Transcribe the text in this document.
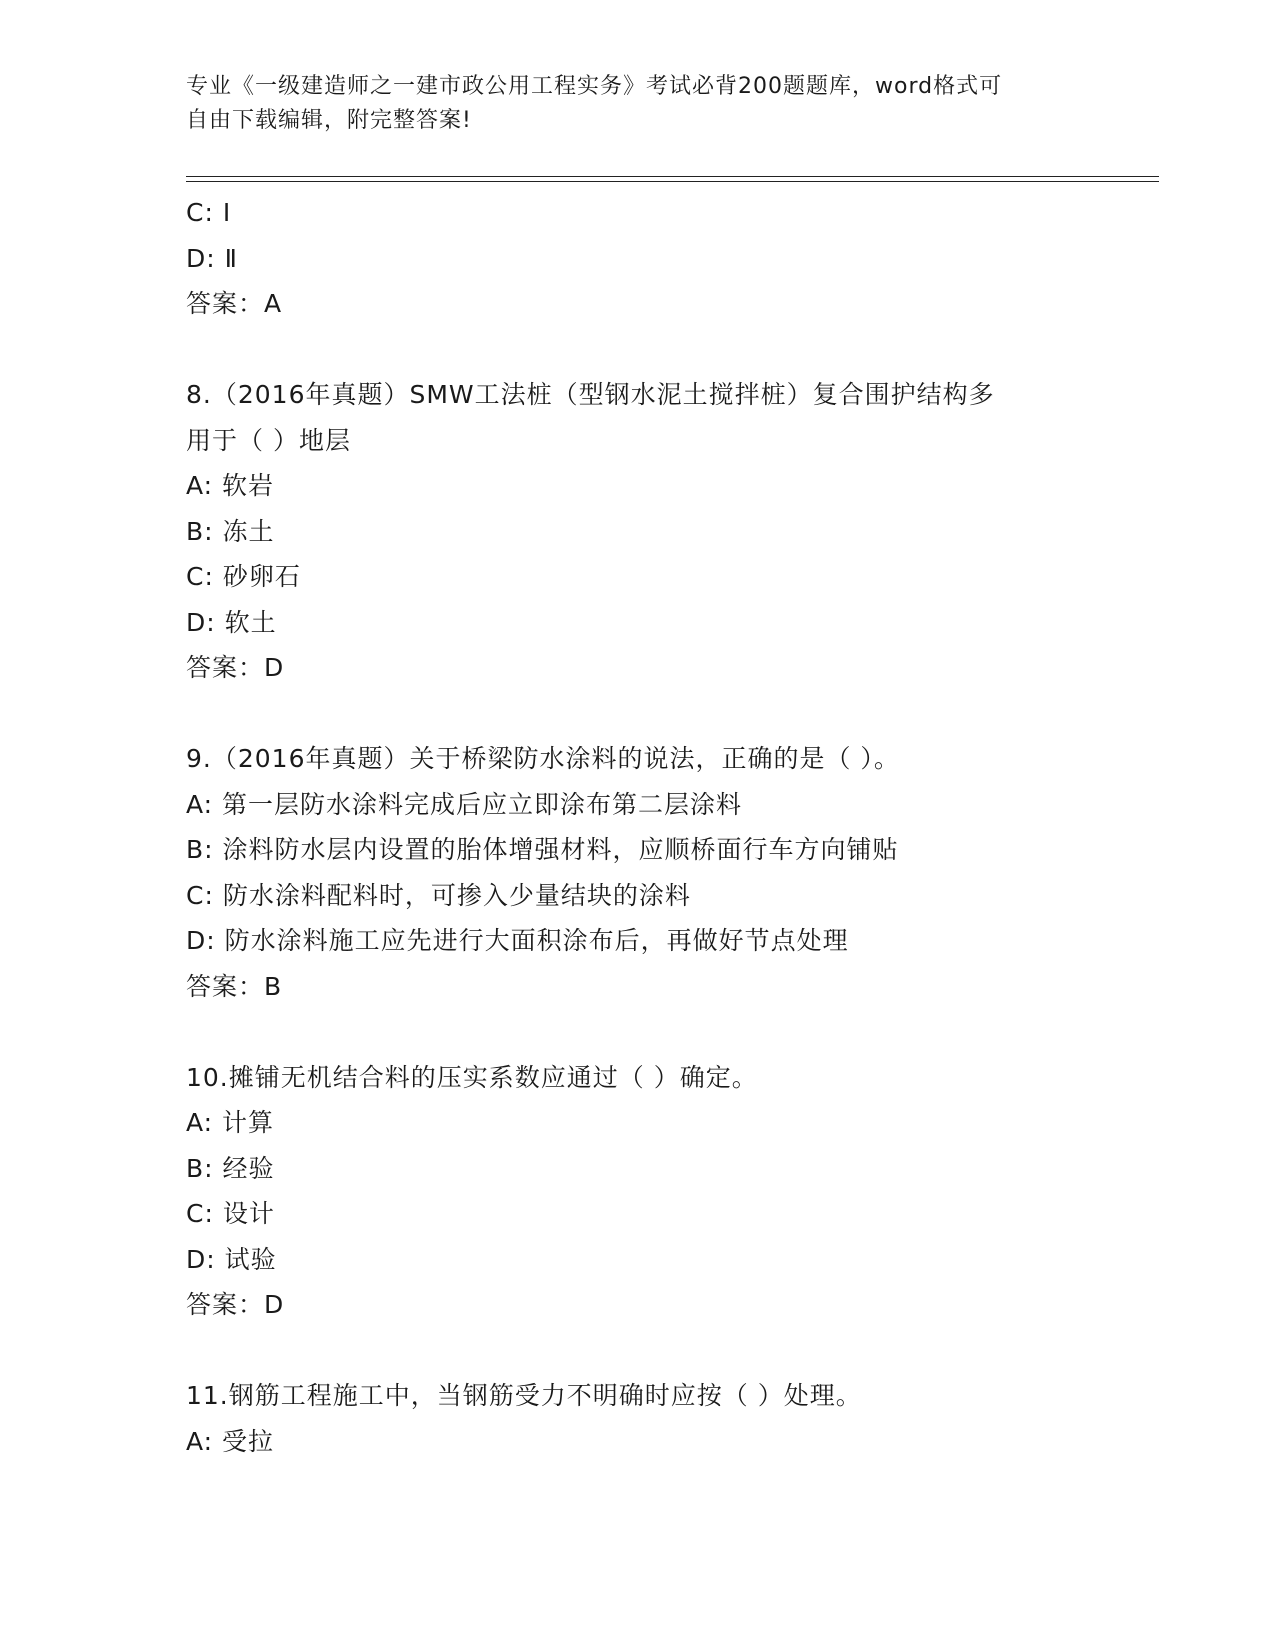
专业《一级建造师之一建市政公用工程实务》考试必背200题题库，word格式可
自由下载编辑，附完整答案!
C: Ⅰ
D: Ⅱ
答案：A
8.（2016年真题）SMW工法桩（型钢水泥土搅拌桩）复合围护结构多
用于（ ）地层
A: 软岩
B: 冻土
C: 砂卵石
D: 软土
答案：D
9.（2016年真题）关于桥梁防水涂料的说法，正确的是（ ）。
A: 第一层防水涂料完成后应立即涂布第二层涂料
B: 涂料防水层内设置的胎体增强材料，应顺桥面行车方向铺贴
C: 防水涂料配料时，可掺入少量结块的涂料
D: 防水涂料施工应先进行大面积涂布后，再做好节点处理
答案：B
10.摊铺无机结合料的压实系数应通过（ ）确定。
A: 计算
B: 经验
C: 设计
D: 试验
答案：D
11.钢筋工程施工中，当钢筋受力不明确时应按（ ）处理。
A: 受拉
